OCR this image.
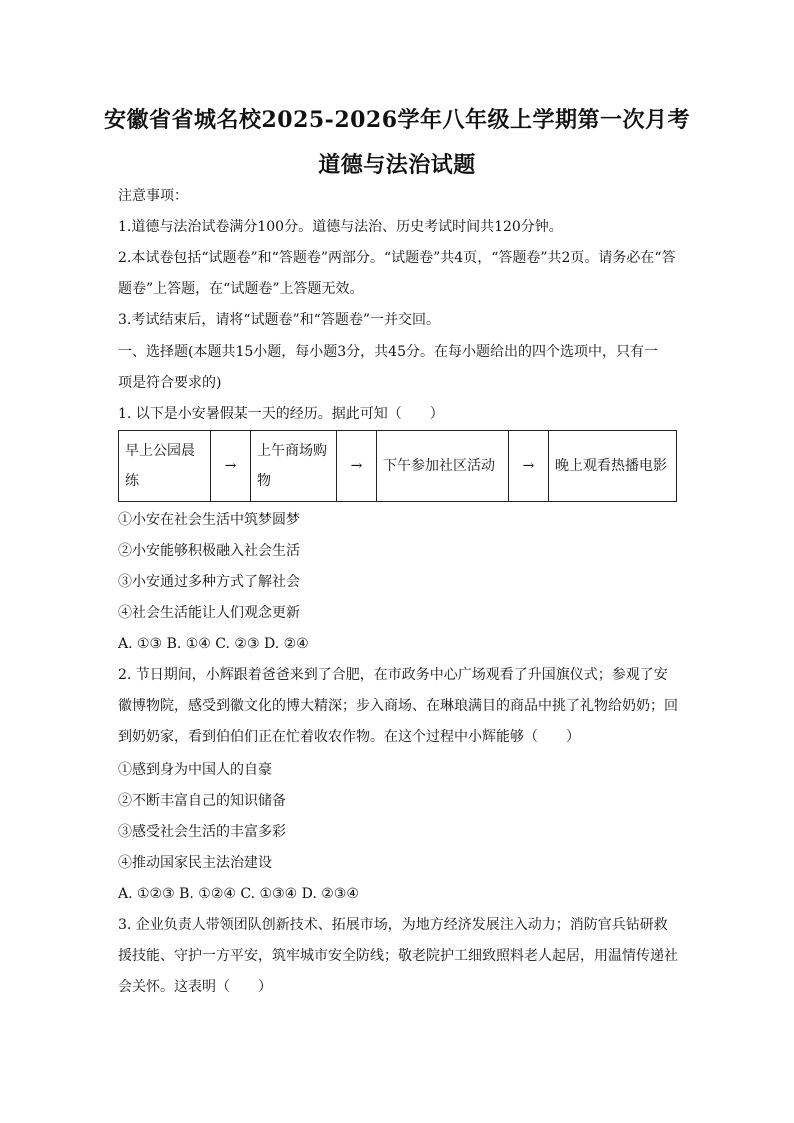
安徽省省城名校2025-2026学年八年级上学期第一次月考
道德与法治试题
注意事项：
1.道德与法治试卷满分100分。道德与法治、历史考试时间共120分钟。
2.本试卷包括“试题卷”和“答题卷”两部分。“试题卷”共4页，“答题卷”共2页。请务必在“答
题卷”上答题，在“试题卷”上答题无效。
3.考试结束后，请将“试题卷”和“答题卷”一并交回。
一、选择题(本题共15小题，每小题3分，共45分。在每小题给出的四个选项中，只有一
项是符合要求的)
1. 以下是小安暑假某一天的经历。据此可知（　　）
早上公园晨练	→	上午商场购物	→	下午参加社区活动	→	晚上观看热播电影
①小安在社会生活中筑梦圆梦
②小安能够积极融入社会生活
③小安通过多种方式了解社会
④社会生活能让人们观念更新
A. ①③ B. ①④ C. ②③ D. ②④
2. 节日期间，小辉跟着爸爸来到了合肥，在市政务中心广场观看了升国旗仪式；参观了安
徽博物院，感受到徽文化的博大精深；步入商场、在琳琅满目的商品中挑了礼物给奶奶；回
到奶奶家，看到伯伯们正在忙着收农作物。在这个过程中小辉能够（　　）
①感到身为中国人的自豪
②不断丰富自己的知识储备
③感受社会生活的丰富多彩
④推动国家民主法治建设
A. ①②③ B. ①②④ C. ①③④ D. ②③④
3. 企业负责人带领团队创新技术、拓展市场，为地方经济发展注入动力；消防官兵钻研救
援技能、守护一方平安，筑牢城市安全防线；敬老院护工细致照料老人起居，用温情传递社
会关怀。这表明（　　）
